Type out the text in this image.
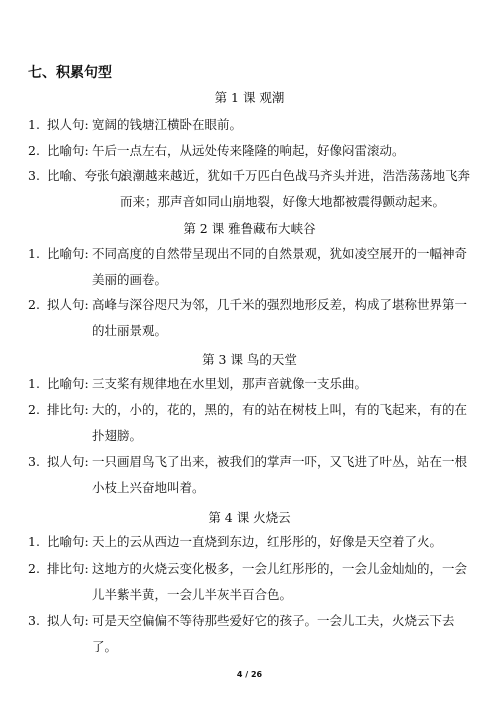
七、积累句型
第 1 课 观潮
1. 拟人句: 宽阔的钱塘江横卧在眼前。
2. 比喻句: 午后一点左右，从远处传来隆隆的响起，好像闷雷滚动。
3. 比喻、夸张句:
浪潮越来越近，犹如千万匹白色战马齐头并进，浩浩荡荡地飞奔而来；那声音如同山崩地裂，好像大地都被震得颤动起来。
第 2 课 雅鲁藏布大峡谷
1. 比喻句: 不同高度的自然带呈现出不同的自然景观，犹如凌空展开的一幅神奇美丽的画卷。
2. 拟人句: 高峰与深谷咫尺为邻，几千米的强烈地形反差，构成了堪称世界第一的壮丽景观。
第 3 课 鸟的天堂
1. 比喻句: 三支桨有规律地在水里划，那声音就像一支乐曲。
2. 排比句: 大的，小的，花的，黑的，有的站在树枝上叫，有的飞起来，有的在扑翅膀。
3. 拟人句: 一只画眉鸟飞了出来，被我们的掌声一吓，又飞进了叶丛，站在一根小枝上兴奋地叫着。
第 4 课 火烧云
1. 比喻句: 天上的云从西边一直烧到东边，红彤彤的，好像是天空着了火。
2. 排比句: 这地方的火烧云变化极多，一会儿红彤彤的，一会儿金灿灿的，一会儿半紫半黄，一会儿半灰半百合色。
3. 拟人句: 可是天空偏偏不等待那些爱好它的孩子。一会儿工夫，火烧云下去了。
4 / 26
